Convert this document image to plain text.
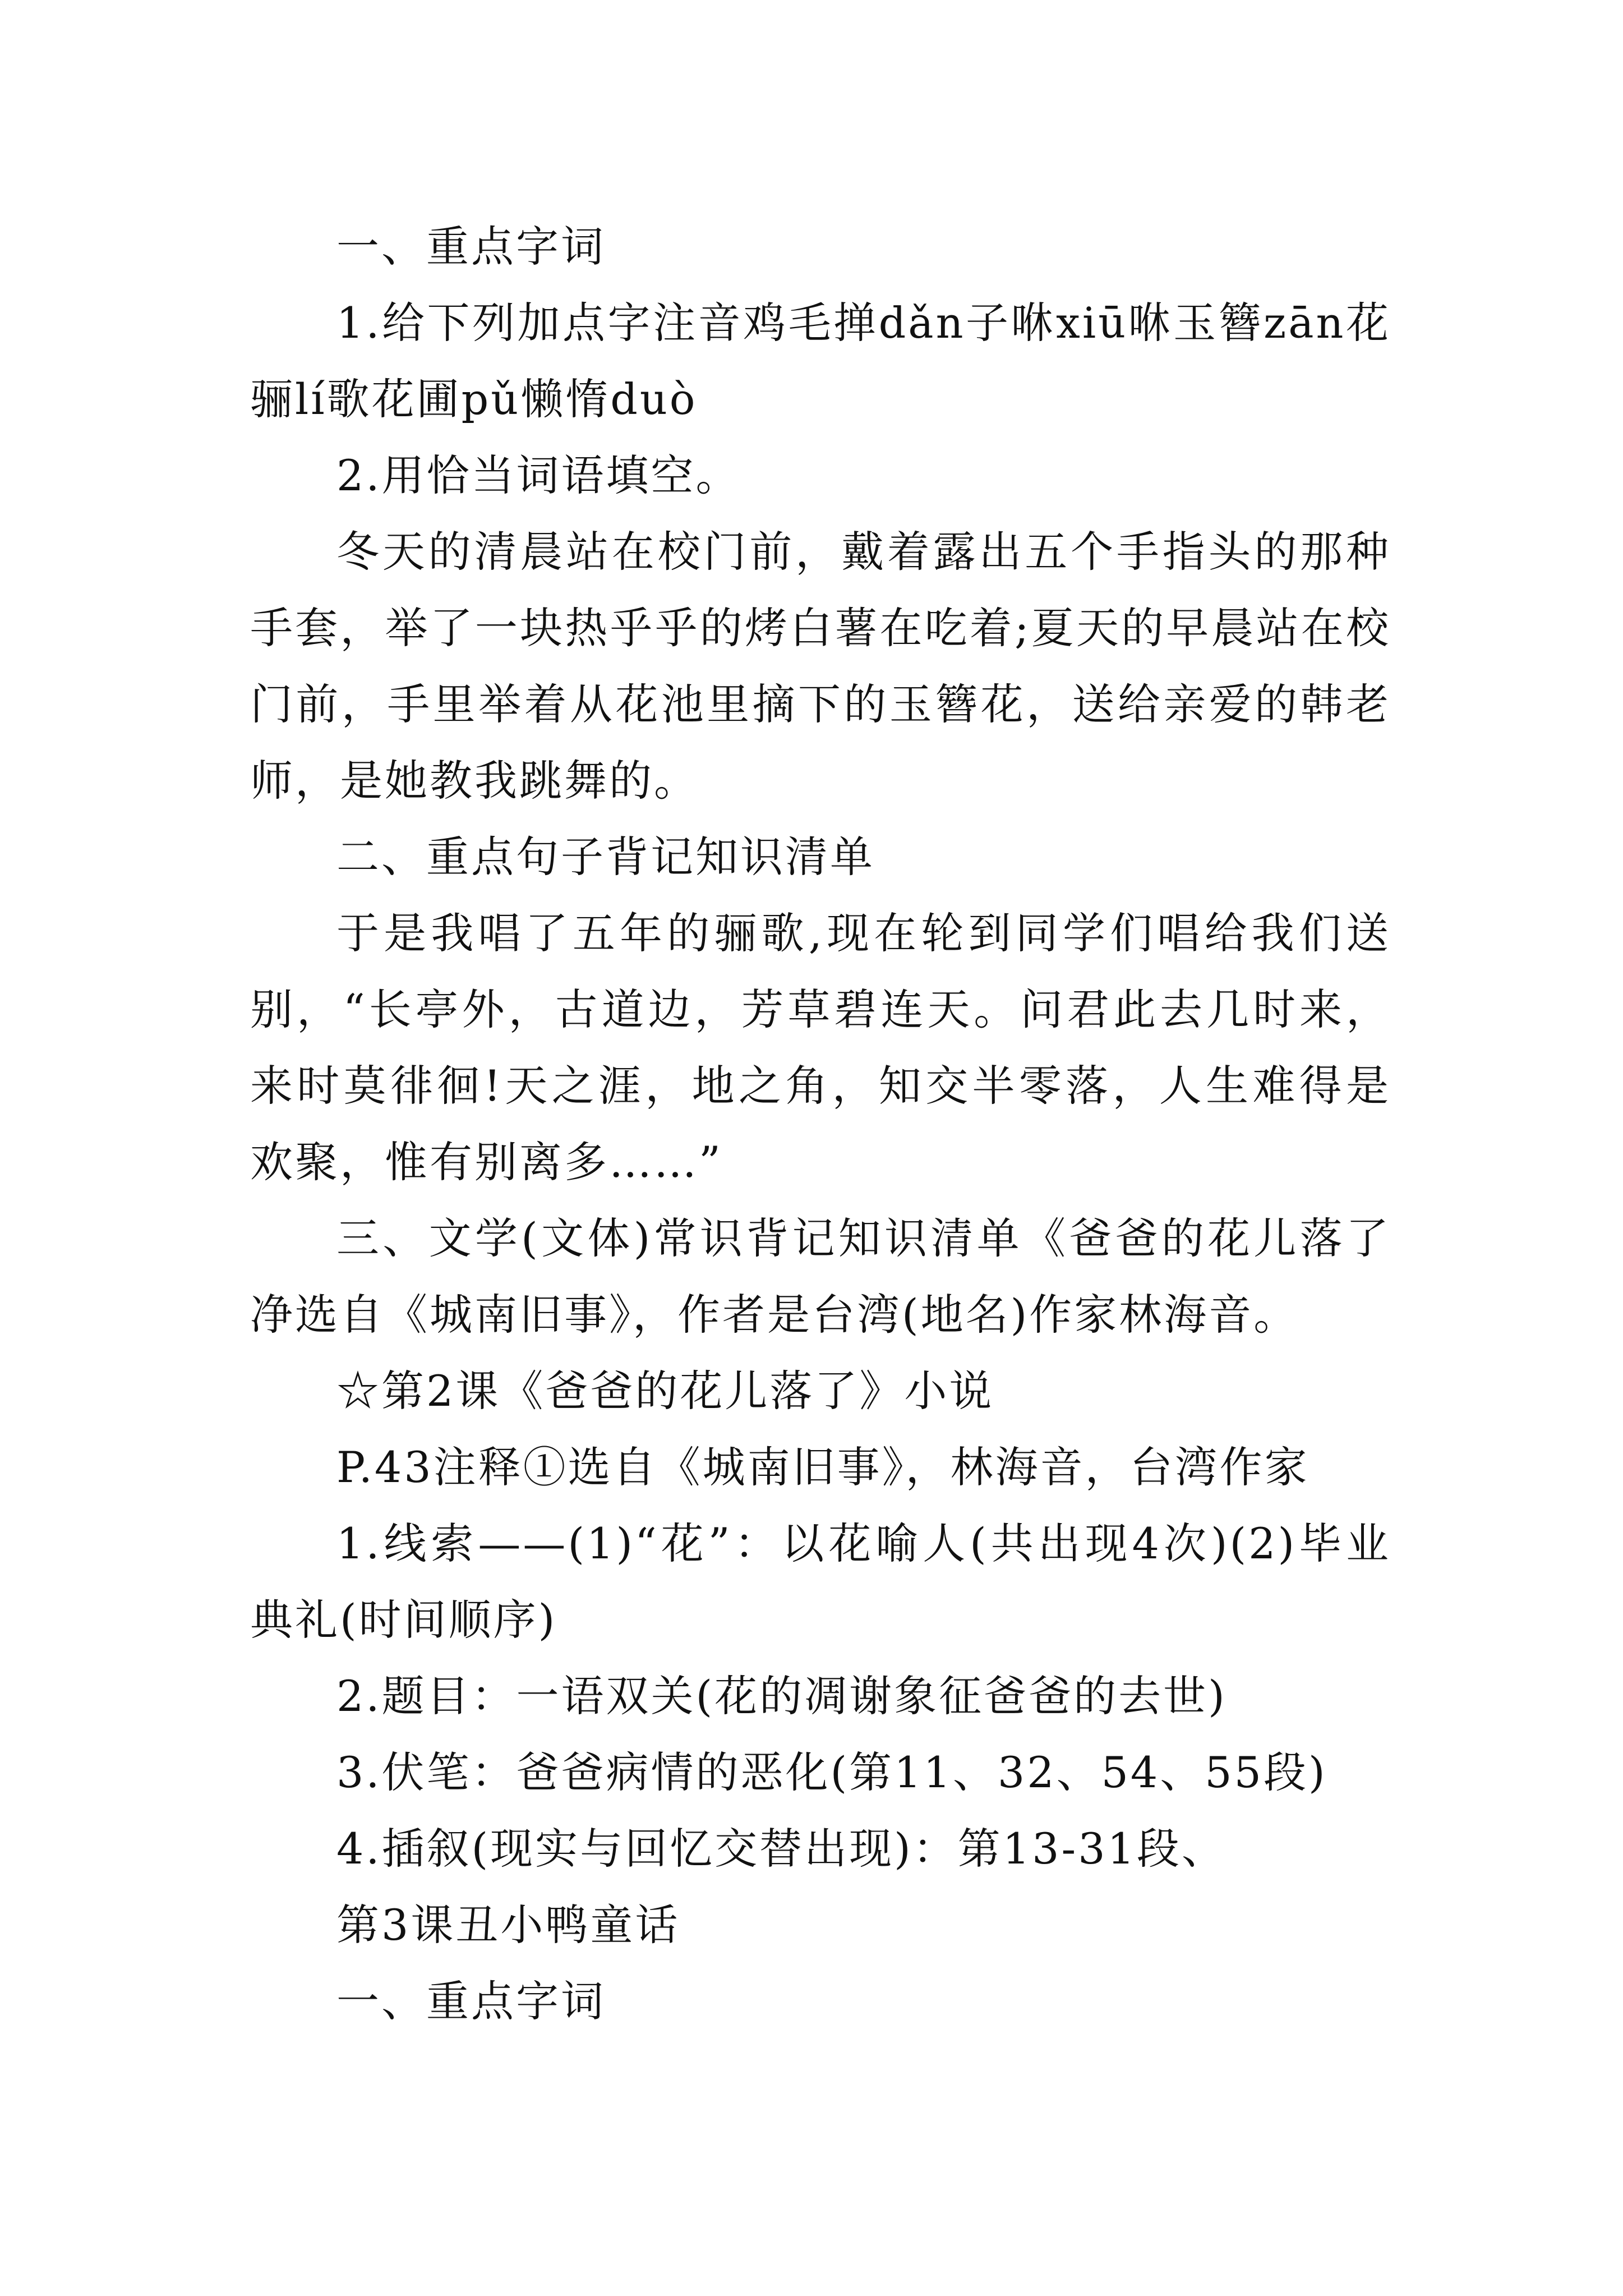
一、重点字词

1.给下列加点字注音鸡毛掸dǎn子咻xiū咻玉簪zān花骊lí歌花圃pǔ懒惰duò

2.用恰当词语填空。

冬天的清晨站在校门前，戴着露出五个手指头的那种手套，举了一块热乎乎的烤白薯在吃着;夏天的早晨站在校门前，手里举着从花池里摘下的玉簪花，送给亲爱的韩老师，是她教我跳舞的。

二、重点句子背记知识清单

于是我唱了五年的骊歌,现在轮到同学们唱给我们送别，“长亭外，古道边，芳草碧连天。问君此去几时来，来时莫徘徊!天之涯，地之角，知交半零落，人生难得是欢聚，惟有别离多……”

三、文学(文体)常识背记知识清单《爸爸的花儿落了净选自《城南旧事》，作者是台湾(地名)作家林海音。

☆第2课《爸爸的花儿落了》小说

P.43注释①选自《城南旧事》，林海音，台湾作家

1.线索——(1)“花”：以花喻人(共出现4次)(2)毕业典礼(时间顺序)

2.题目：一语双关(花的凋谢象征爸爸的去世)

3.伏笔：爸爸病情的恶化(第11、32、54、55段)

4.插叙(现实与回忆交替出现)：第13-31段、

第3课丑小鸭童话

一、重点字词
